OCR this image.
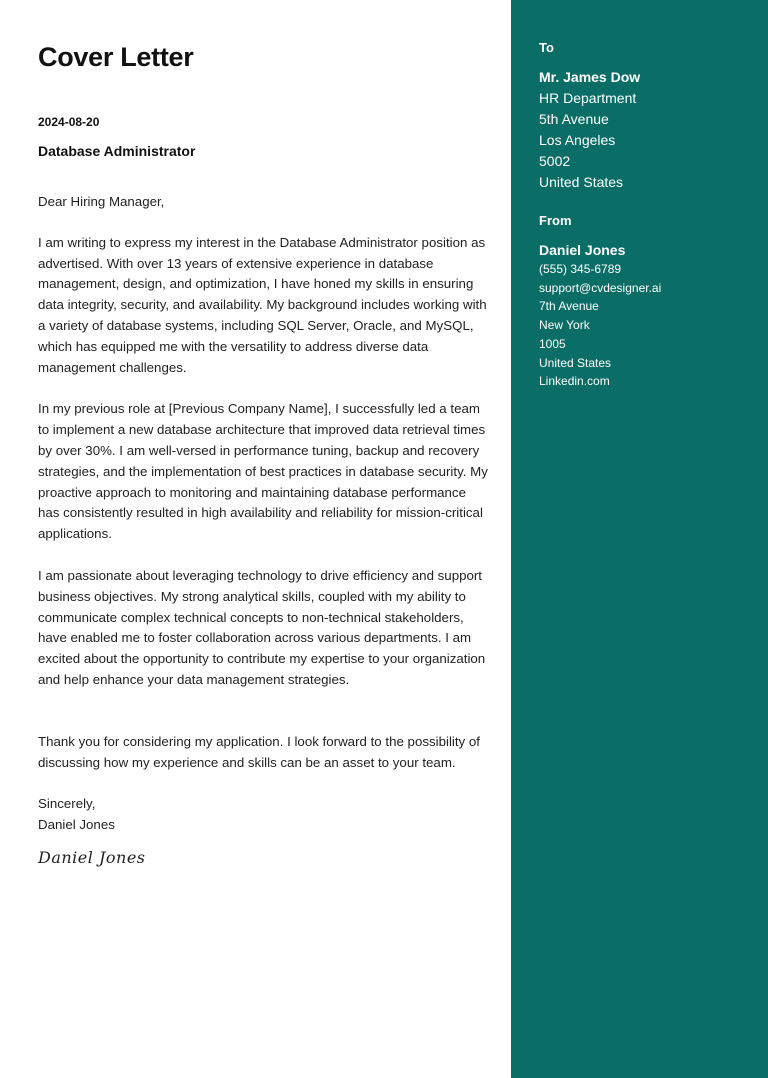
Cover Letter
2024-08-20
Database Administrator

Dear Hiring Manager,

I am writing to express my interest in the Database Administrator position as advertised. With over 13 years of extensive experience in database management, design, and optimization, I have honed my skills in ensuring data integrity, security, and availability. My background includes working with a variety of database systems, including SQL Server, Oracle, and MySQL, which has equipped me with the versatility to address diverse data management challenges.

In my previous role at [Previous Company Name], I successfully led a team to implement a new database architecture that improved data retrieval times by over 30%. I am well-versed in performance tuning, backup and recovery strategies, and the implementation of best practices in database security. My proactive approach to monitoring and maintaining database performance has consistently resulted in high availability and reliability for mission-critical applications.

I am passionate about leveraging technology to drive efficiency and support business objectives. My strong analytical skills, coupled with my ability to communicate complex technical concepts to non-technical stakeholders, have enabled me to foster collaboration across various departments. I am excited about the opportunity to contribute my expertise to your organization and help enhance your data management strategies.

Thank you for considering my application. I look forward to the possibility of discussing how my experience and skills can be an asset to your team.

Sincerely,

Daniel Jones

Daniel Jones
To
Mr. James Dow
HR Department
5th Avenue
Los Angeles
5002
United States
From
Daniel Jones
(555) 345-6789
support@cvdesigner.ai
7th Avenue
New York
1005
United States
Linkedin.com
